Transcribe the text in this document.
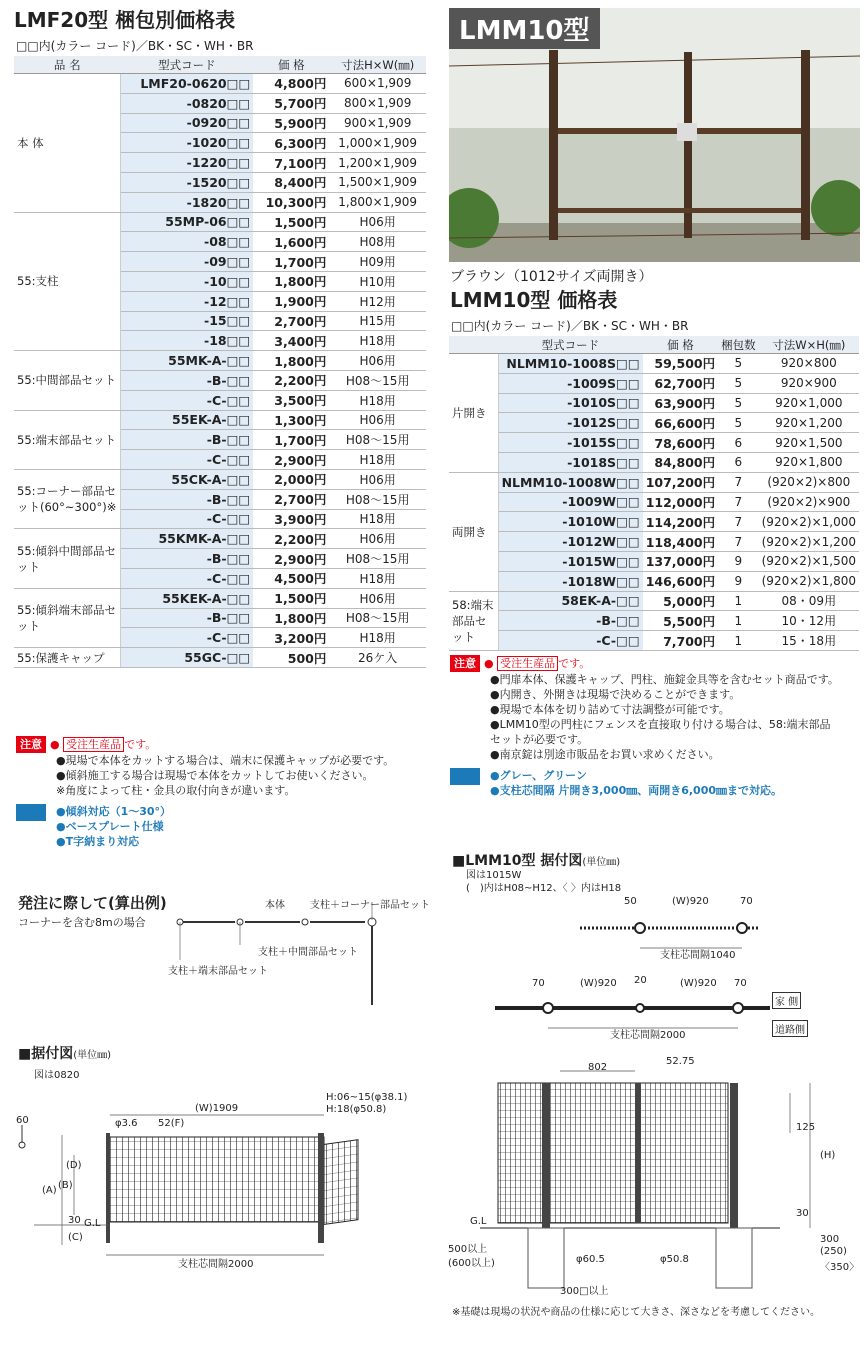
LMF20型 梱包別価格表
□□内(カラー コード)／BK・SC・WH・BR
品 名	型式コード	価 格	寸法H×W(㎜)
本 体	LMF20-0620□□	4,800円	600×1,909
	-0820□□	5,700円	800×1,909
	-0920□□	5,900円	900×1,909
	-1020□□	6,300円	1,000×1,909
	-1220□□	7,100円	1,200×1,909
	-1520□□	8,400円	1,500×1,909
	-1820□□	10,300円	1,800×1,909
55:支柱	55MP-06□□	1,500円	H06用
	-08□□	1,600円	H08用
	-09□□	1,700円	H09用
	-10□□	1,800円	H10用
	-12□□	1,900円	H12用
	-15□□	2,700円	H15用
	-18□□	3,400円	H18用
55:中間部品セット	55MK-A-□□	1,800円	H06用
	-B-□□	2,200円	H08～15用
	-C-□□	3,500円	H18用
55:端末部品セット	55EK-A-□□	1,300円	H06用
	-B-□□	1,700円	H08～15用
	-C-□□	2,900円	H18用
55:コーナー部品セット(60°~300°)※	55CK-A-□□	2,000円	H06用
	-B-□□	2,700円	H08～15用
	-C-□□	3,900円	H18用
55:傾斜中間部品セット	55KMK-A-□□	2,200円	H06用
	-B-□□	2,900円	H08～15用
	-C-□□	4,500円	H18用
55:傾斜端末部品セット	55KEK-A-□□	1,500円	H06用
	-B-□□	1,800円	H08～15用
	-C-□□	3,200円	H18用
55:保護キャップ	55GC-□□	500円	26ケ入
注意 ● 受注生産品 です。
●現場で本体をカットする場合は、端末に保護キャップが必要です。
●傾斜施工する場合は現場で本体をカットしてお使いください。
※角度によって柱・金具の取付向きが違います。
特注	●傾斜対応（1～30°）
●ベースプレート仕様
●T字納まり対応
発注に際して(算出例)
コーナーを含む8mの場合
本体	支柱＋コーナー部品セット
支柱＋中間部品セット
支柱＋端末部品セット
■据付図(単位㎜)
図は0820
60
(W)1909
φ3.6 52(F)
H:06~15(φ38.1)
H:18(φ50.8)
(D)
(A) (B)
30
(C)
G.L
支柱芯間隔2000
LMM10型
ブラウン（1012サイズ両開き）
LMM10型 価格表
□□内(カラー コード)／BK・SC・WH・BR
	型式コード	価 格	梱包数	寸法W×H(㎜)
片開き	NLMM10-1008S□□	59,500円	5	920×800
	-1009S□□	62,700円	5	920×900
	-1010S□□	63,900円	5	920×1,000
	-1012S□□	66,600円	5	920×1,200
	-1015S□□	78,600円	6	920×1,500
	-1018S□□	84,800円	6	920×1,800
両開き	NLMM10-1008W□□	107,200円	7	(920×2)×800
	-1009W□□	112,000円	7	(920×2)×900
	-1010W□□	114,200円	7	(920×2)×1,000
	-1012W□□	118,400円	7	(920×2)×1,200
	-1015W□□	137,000円	9	(920×2)×1,500
	-1018W□□	146,600円	9	(920×2)×1,800
58:端末部品セット	58EK-A-□□	5,000円	1	08・09用
	-B-□□	5,500円	1	10・12用
	-C-□□	7,700円	1	15・18用
注意 ● 受注生産品 です。
●門扉本体、保護キャップ、門柱、施錠金具等を含むセット商品です。
●内開き、外開きは現場で決めることができます。
●現場で本体を切り詰めて寸法調整が可能です。
●LMM10型の門柱にフェンスを直接取り付ける場合は、58:端末部品
セットが必要です。
●南京錠は別途市販品をお買い求めください。
特注	●グレー、グリーン
●支柱芯間隔 片開き3,000㎜、両開き6,000㎜まで対応。
■LMM10型 据付図(単位㎜)
図は1015W
(　)内はH08~H12、〈 〉内はH18
50	(W)920	70
支柱芯間隔1040
70	(W)920 20	(W)920 70
家 側
道路側
支柱芯間隔2000
802
52.75
125
(H)
30
G.L
500以上
(600以上)	φ60.5	φ50.8
300□以上
300
(250)
〈350〉
※基礎は現場の状況や商品の仕様に応じて大きさ、深さなどを考慮してください。
